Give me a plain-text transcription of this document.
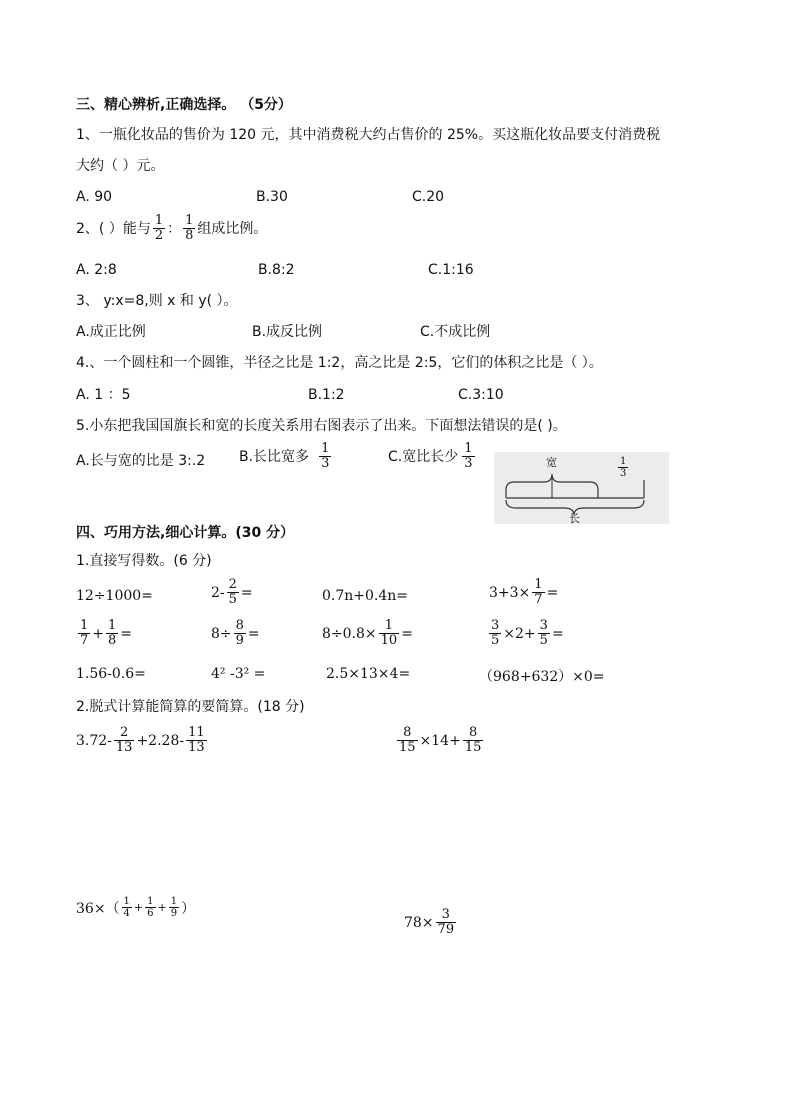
三、精心辨析,正确选择。 （5分）
1、一瓶化妆品的售价为 120 元，其中消费税大约占售价的 25%。买这瓶化妆品要支付消费税
大约（ ）元。
A. 90	B.30	C.20
2、( ）能与 $\frac{1}{2}$ ： $\frac{1}{8}$ 组成比例。
A. 2:8	B.8:2	C.1:16
3、 y:x=8,则 x 和 y( ）。
A.成正比例	B.成反比例	C.不成比例
4.、一个圆柱和一个圆锥，半径之比是 1:2，高之比是 2:5，它们的体积之比是（ ）。
A. 1 ：5	B.1:2	C.3:10
5.小东把我国国旗长和宽的长度关系用右图表示了出来。下面想法错误的是( )。
A.长与宽的比是 3:.2 B.长比宽多 $\frac{1}{3}$	C.宽比长少 $\frac{1}{3}$	宽	$\frac{1}{3}$
长
四、巧用方法,细心计算。(30 分）
1.直接写得数。(6 分)
12÷1000=	$2- \frac{2}{5}$ =	0.7n+0.4n=	$3+3\times \frac{1}{7}$ =
$\frac{1}{7} + \frac{1}{8}$ =	$8\div \frac{8}{9}$ =	$8\div 0.8\times \frac{1}{10}$ =	$\frac{3}{5} \times 2+ \frac{3}{5}$ =
1.56-0.6=	4² -3² =	2.5×13×4=	（968+632）×0=
2.脱式计算能简算的要简算。(18 分)
$3.72- \frac{2}{13} +2.28- \frac{11}{13}$	$\frac{8}{15} \times 14+ \frac{8}{15}$
$36\times( \frac{1}{4} + \frac{1}{6} + \frac{1}{9}$ ）
$78\times \frac{3}{79}$
